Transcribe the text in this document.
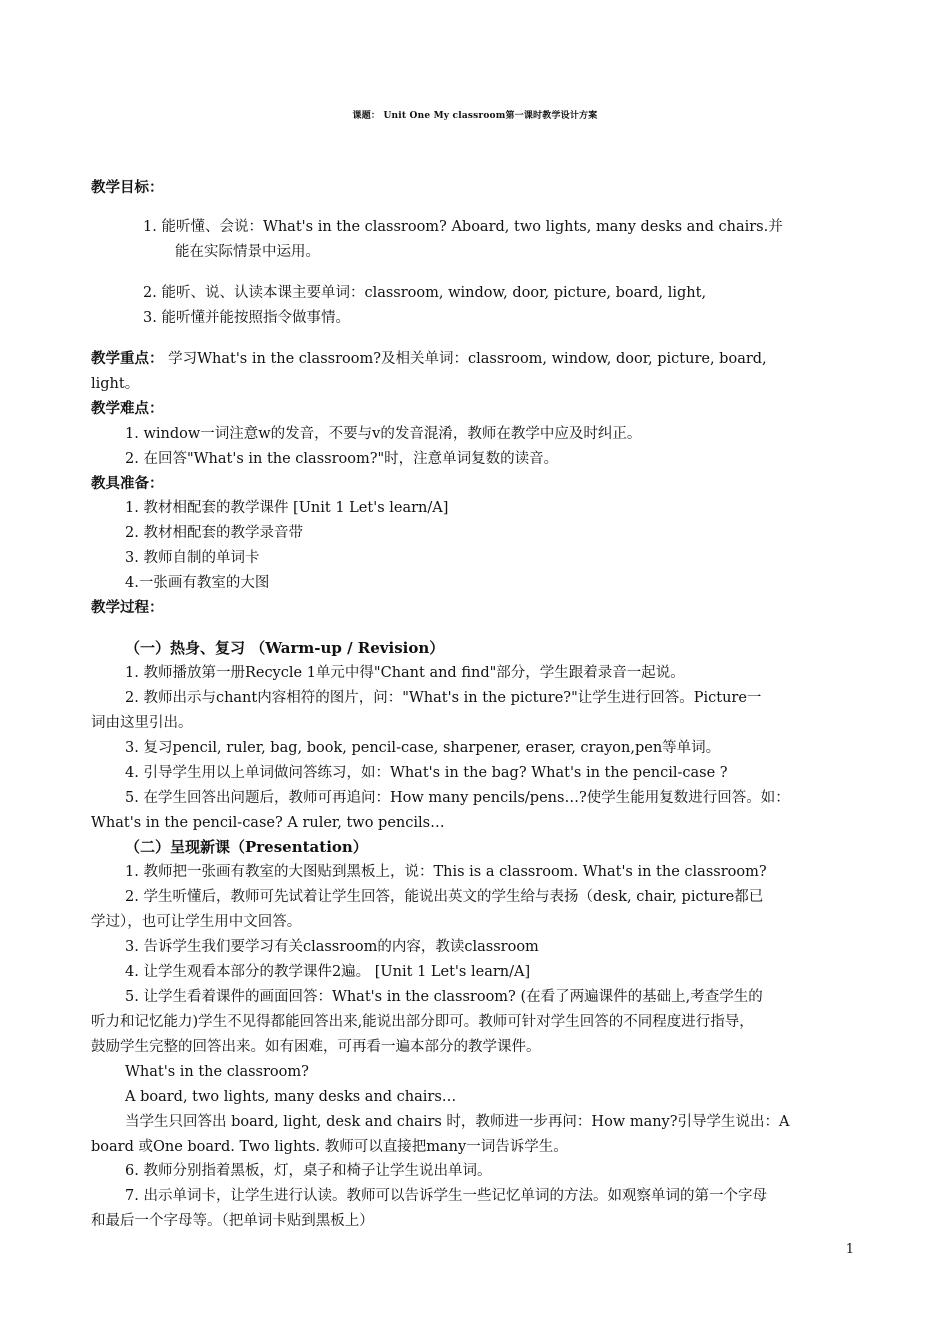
课题： Unit One My classroom第一课时教学设计方案
教学目标：
1. 能听懂、会说：What's in the classroom? Aboard, two lights, many desks and chairs.并
能在实际情景中运用。
2. 能听、说、认读本课主要单词：classroom, window, door, picture, board, light,
3. 能听懂并能按照指令做事情。
教学重点： 学习What's in the classroom?及相关单词：classroom, window, door, picture, board,
light。
教学难点：
1. window一词注意w的发音，不要与v的发音混淆，教师在教学中应及时纠正。
2. 在回答"What's in the classroom?"时，注意单词复数的读音。
教具准备：
1. 教材相配套的教学课件 [Unit 1 Let's learn/A]
2. 教材相配套的教学录音带
3. 教师自制的单词卡
4.一张画有教室的大图
教学过程：
（一）热身、复习 （Warm-up / Revision）
1. 教师播放第一册Recycle 1单元中得"Chant and find"部分，学生跟着录音一起说。
2. 教师出示与chant内容相符的图片，问："What's in the picture?"让学生进行回答。Picture一
词由这里引出。
3. 复习pencil, ruler, bag, book, pencil-case, sharpener, eraser, crayon,pen等单词。
4. 引导学生用以上单词做问答练习，如：What's in the bag? What's in the pencil-case ?
5. 在学生回答出问题后，教师可再追问：How many pencils/pens…?使学生能用复数进行回答。如：
What's in the pencil-case? A ruler, two pencils…
（二）呈现新课（Presentation）
1. 教师把一张画有教室的大图贴到黑板上，说：This is a classroom. What's in the classroom?
2. 学生听懂后，教师可先试着让学生回答，能说出英文的学生给与表扬（desk, chair, picture都已
学过），也可让学生用中文回答。
3. 告诉学生我们要学习有关classroom的内容，教读classroom
4. 让学生观看本部分的教学课件2遍。 [Unit 1 Let's learn/A]
5. 让学生看着课件的画面回答：What's in the classroom? (在看了两遍课件的基础上,考查学生的
听力和记忆能力)学生不见得都能回答出来,能说出部分即可。教师可针对学生回答的不同程度进行指导，
鼓励学生完整的回答出来。如有困难，可再看一遍本部分的教学课件。
What's in the classroom?
A board, two lights, many desks and chairs…
当学生只回答出 board, light, desk and chairs 时，教师进一步再问：How many?引导学生说出：A
board 或One board. Two lights. 教师可以直接把many一词告诉学生。
6. 教师分别指着黑板，灯，桌子和椅子让学生说出单词。
7. 出示单词卡，让学生进行认读。教师可以告诉学生一些记忆单词的方法。如观察单词的第一个字母
和最后一个字母等。（把单词卡贴到黑板上）
1
